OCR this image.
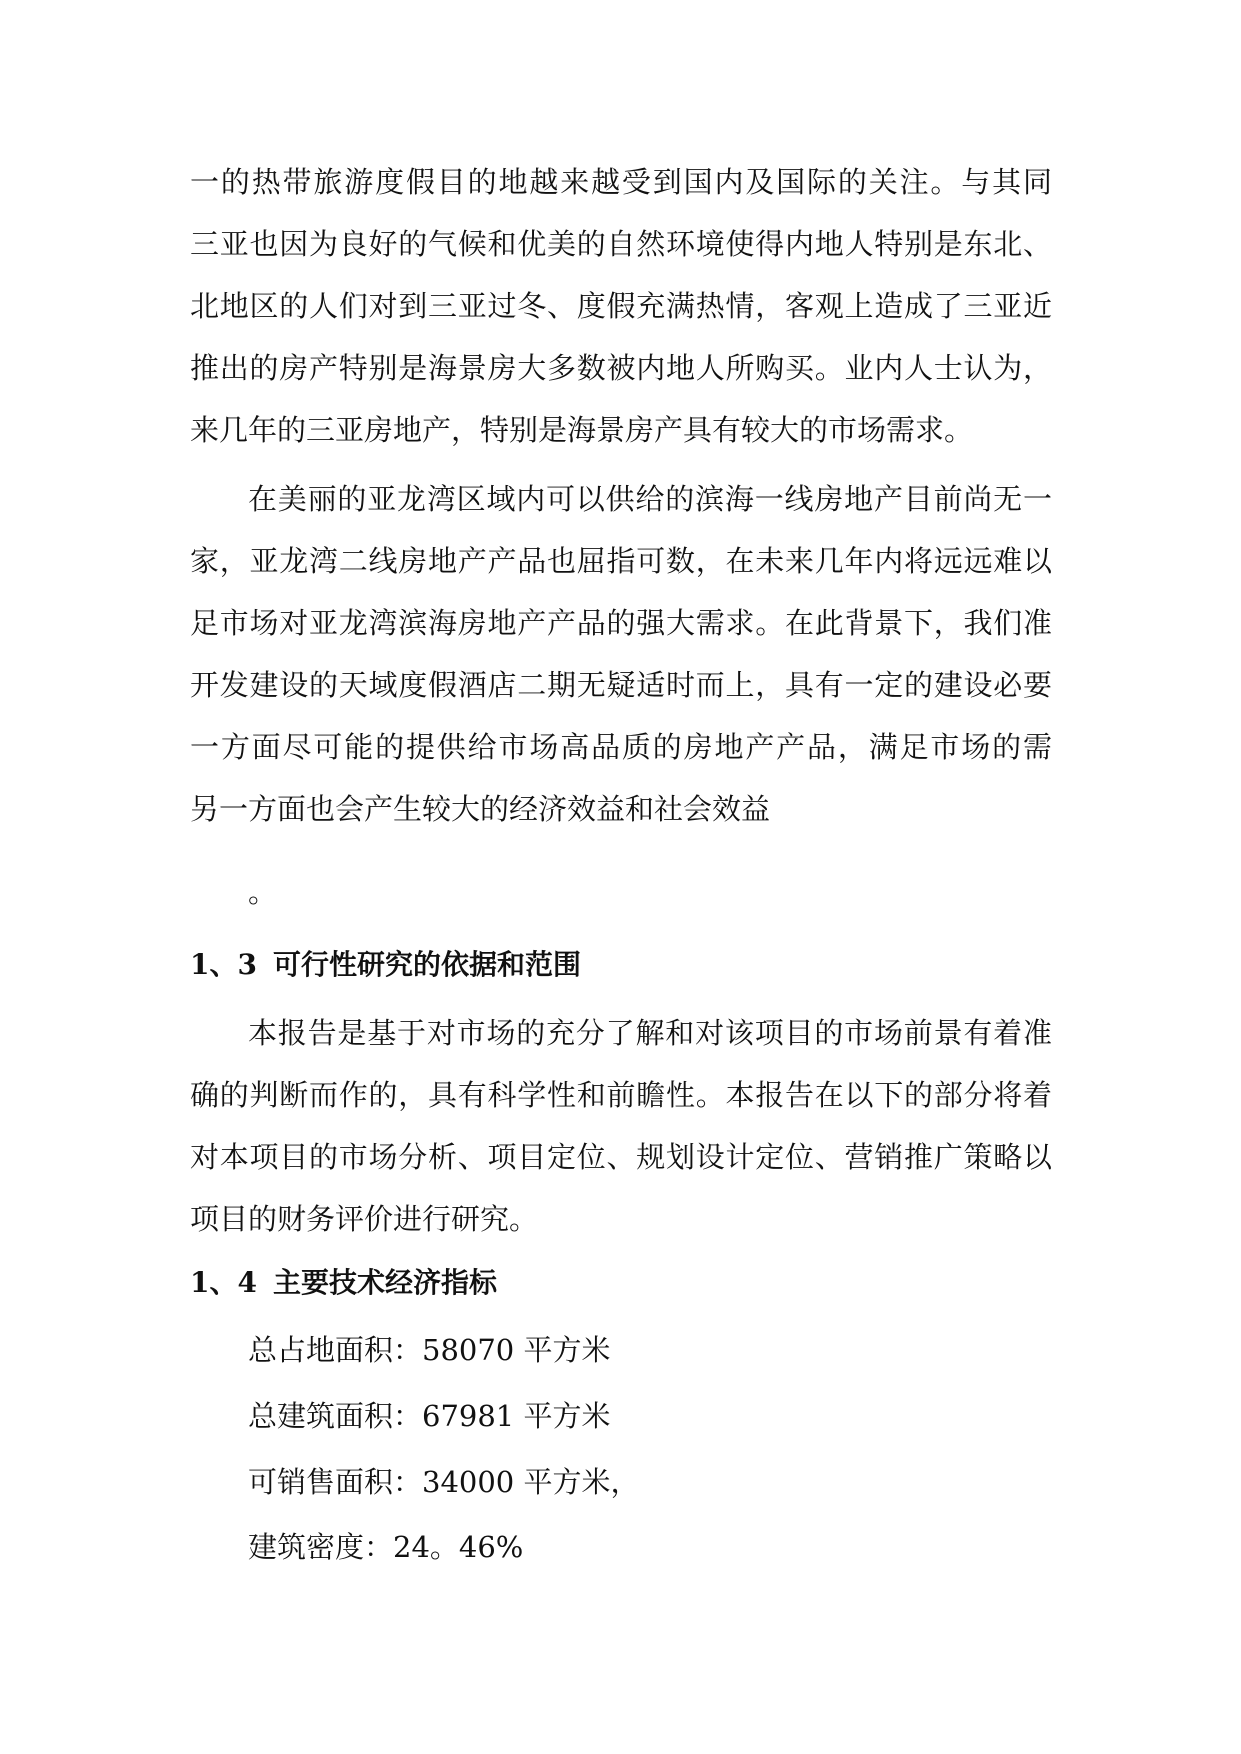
一的热带旅游度假目的地越来越受到国内及国际的关注。与其同
三亚也因为良好的气候和优美的自然环境使得内地人特别是东北、
北地区的人们对到三亚过冬、度假充满热情，客观上造成了三亚近
推出的房产特别是海景房大多数被内地人所购买。业内人士认为，
来几年的三亚房地产，特别是海景房产具有较大的市场需求。
在美丽的亚龙湾区域内可以供给的滨海一线房地产目前尚无一
家，亚龙湾二线房地产产品也屈指可数，在未来几年内将远远难以
足市场对亚龙湾滨海房地产产品的强大需求。在此背景下，我们准
开发建设的天域度假酒店二期无疑适时而上，具有一定的建设必要
一方面尽可能的提供给市场高品质的房地产产品，满足市场的需
另一方面也会产生较大的经济效益和社会效益
。
1、3 可行性研究的依据和范围
本报告是基于对市场的充分了解和对该项目的市场前景有着准
确的判断而作的，具有科学性和前瞻性。本报告在以下的部分将着
对本项目的市场分析、项目定位、规划设计定位、营销推广策略以
项目的财务评价进行研究。
1、4 主要技术经济指标
总占地面积：58070 平方米
总建筑面积：67981 平方米
可销售面积：34000 平方米，
建筑密度：24。46%
